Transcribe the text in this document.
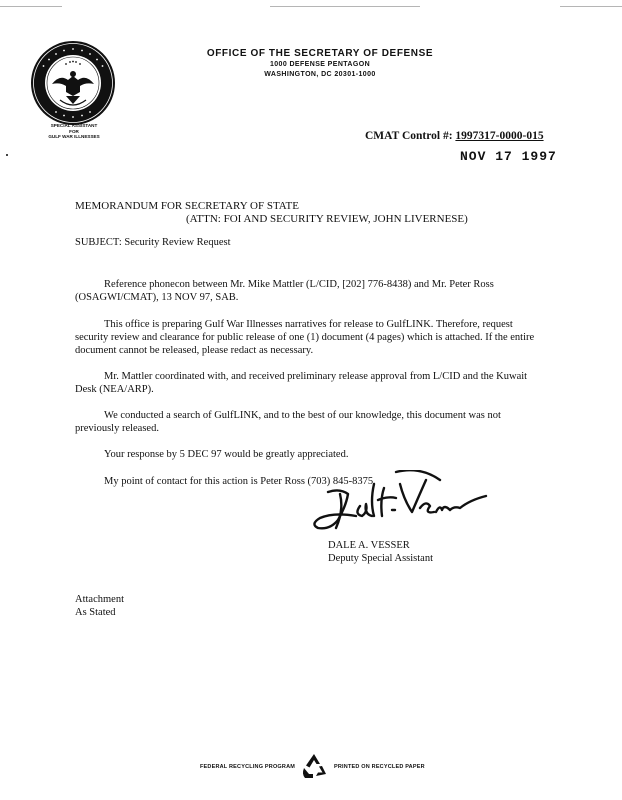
OFFICE OF THE SECRETARY OF DEFENSE
1000 DEFENSE PENTAGON
WASHINGTON, DC 20301-1000
SPECIAL ASSISTANT
FOR
GULF WAR ILLNESSES	CMAT Control #: 1997317-0000-015
NOV 17 1997
MEMORANDUM FOR SECRETARY OF STATE
(ATTN: FOI AND SECURITY REVIEW, JOHN LIVERNESE)
SUBJECT: Security Review Request

Reference phonecon between Mr. Mike Mattler (L/CID, [202] 776-8438) and Mr. Peter Ross (OSAGWI/CMAT), 13 NOV 97, SAB.

This office is preparing Gulf War Illnesses narratives for release to GulfLINK. Therefore, request security review and clearance for public release of one (1) document (4 pages) which is attached. If the entire document cannot be released, please redact as necessary.

Mr. Mattler coordinated with, and received preliminary release approval from L/CID and the Kuwait Desk (NEA/ARP).

We conducted a search of GulfLINK, and to the best of our knowledge, this document was not previously released.

Your response by 5 DEC 97 would be greatly appreciated.

My point of contact for this action is Peter Ross (703) 845-8375.

DALE A. VESSER
Deputy Special Assistant
Attachment
As Stated
FEDERAL RECYCLING PROGRAM	PRINTED ON RECYCLED PAPER
